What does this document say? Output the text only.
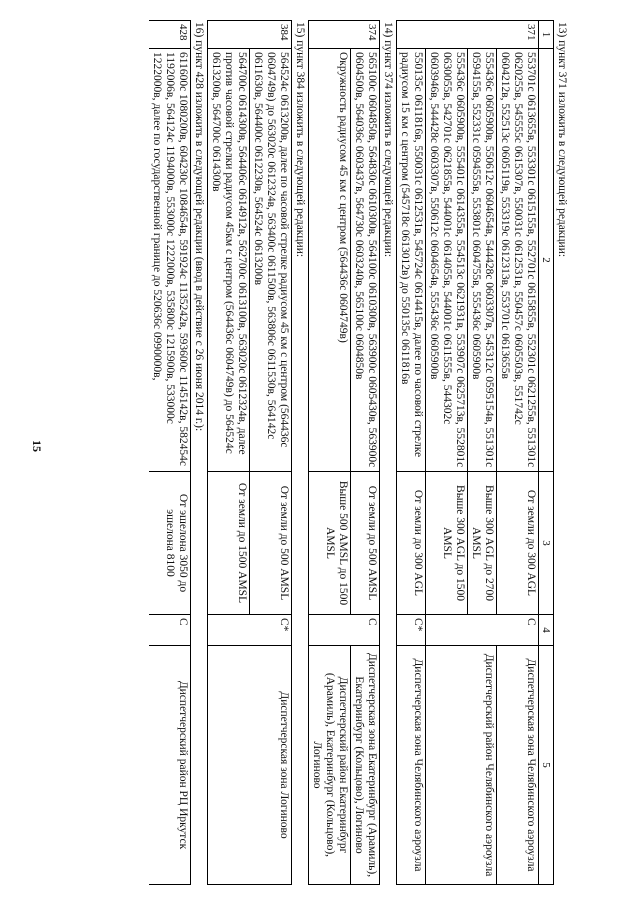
15
13) пункт 371 изложить в следующей редакции:
1	2	3	4	5
371	553701с 0613655в, 553301с 0615155в, 552701с 0615855в, 552301с 0621255в, 551301с 0620255в, 545555с 0615307в, 550031с 0612531в, 550457с 0605503в, 551742с 0604212в, 552513с 0605119в, 553319с 0612313в, 553701с 0613655в	От земли до 300 AGL	С	Диспетчерская зона Челябинского аэроузла
	555436с 0605900в, 550612с 0604654в, 544428с 0603307в, 545312с 0595154в, 551301с 0594155в, 552331с 0594555в, 553801с 0604755в, 555436с 0605900в	Выше 300 AGL до 2700 AMSL		Диспетчерский район Челябинского аэроузла
	555436с 0605900в, 555401с 0614355в, 554513с 0621931в, 553907с 0625713в, 552801с 0630055в, 542701с 0621855в, 544001с 0614055в, 544001с 0611555в, 544302с 0603946в, 544428с 0603307в, 550612с 0604654в, 555436с 0605900в	Выше 300 AGL до 1500 AMSL		
	550135с 0611816в, 550031с 0612531в, 545724с 0614415в, далее по часовой стрелке радиусом 15 км с центром (545718с 0613012в) до 550135с 0611816в	От земли до 300 AGL	С*	Диспетчерская зона Челябинского аэроузла
14) пункт 374 изложить в следующей редакции:
374	565100с 0604850в, 564830с 0610300в, 564100с 0610300в, 563900с 0605430в, 563900с 0604500в, 564036с 0603437в, 564730с 0603240в, 565100с 0604850в	От земли до 500 AMSL	С	Диспетчерская зона Екатеринбург (Арамиль), Екатеринбург (Кольцово), Логиново
	Окружность радиусом 45 км с центром (564436с 0604749в)	Выше 500 AMSL до 1500 AMSL		Диспетчерский район Екатеринбург (Арамиль), Екатеринбург (Кольцово), Логиново
15) пункт 384 изложить в следующей редакции:
384	564524с 0613200в, далее по часовой стрелке радиусом 45 км с центром (564436с 0604749в) до 563020с 0612324в, 563400с 0611500в, 563806с 0611530в, 564142с 0611630в, 564400с 0612230в, 564524с 0613200в	От земли до 500 AMSL	С*	Диспетчерская зона Логиново
	564700с 0614300в, 564406с 0614912в, 562700с 0613100в, 563020с 0612324в, далее против часовой стрелки радиусом 45км с центром (564436с 0604749в) до 564524с 0613200в, 564700с 0614300в	От земли до 1500 AMSL		
16) пункт 428 изложить в следующей редакции (ввод в действие с 26 июня 2014 г.):
428	611600с 1080200в, 604230с 1084654в, 591924с 1135242в, 593600с 1145142в, 582454с 1192006в, 564124с 1194000в, 553000с 1222000в, 535800с 1215900в, 533000с 1222000в, далее по государственной границе до 520636с 0990000в,	От эшелона 3050 до эшелона 8100	С	Диспетчерский район РЦ Иркутск
